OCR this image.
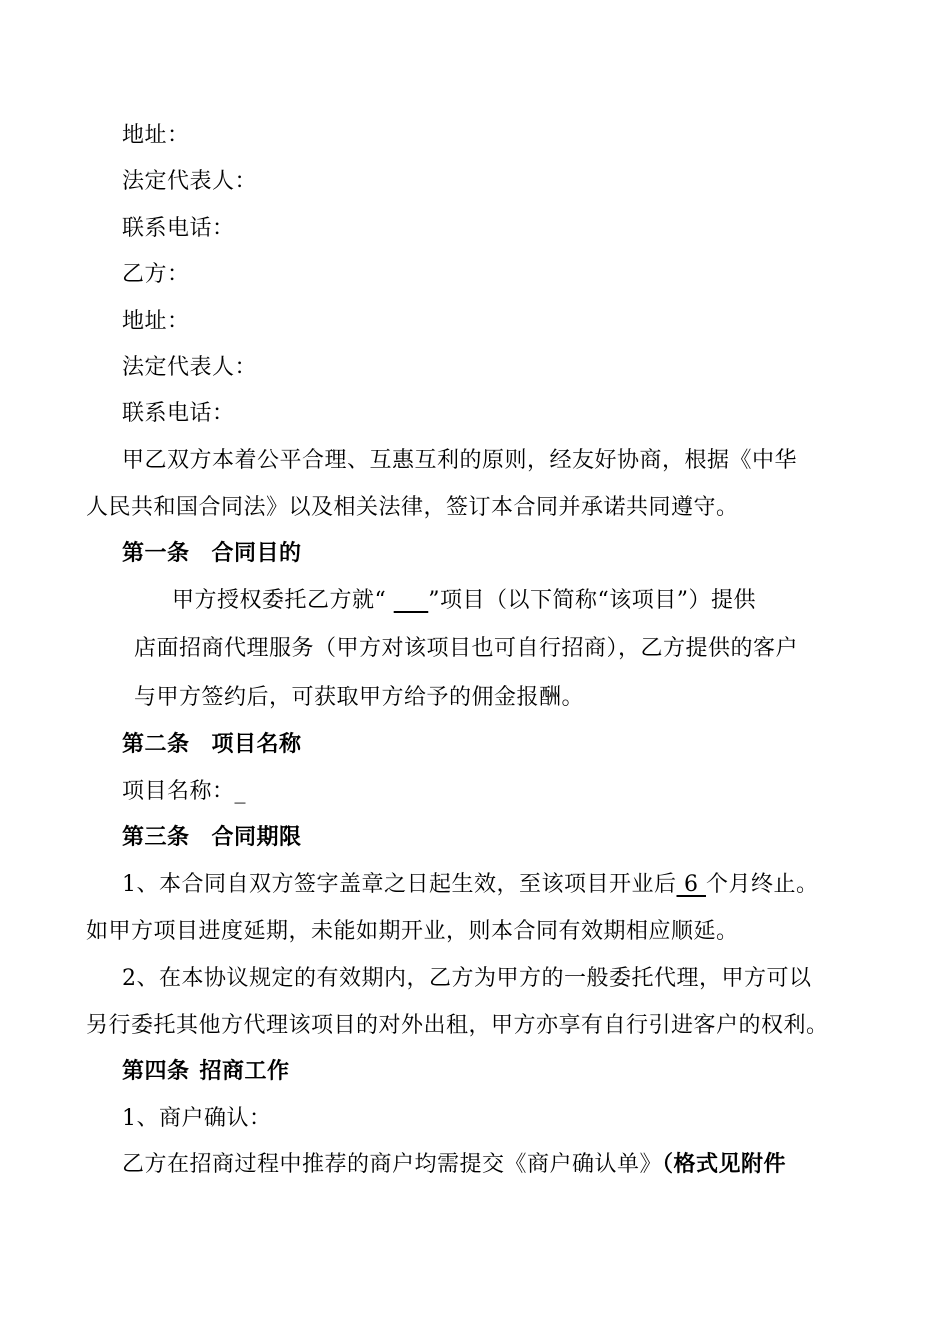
地址：
法定代表人：
联系电话：
乙方：
地址：
法定代表人：
联系电话：
甲乙双方本着公平合理、互惠互利的原则，经友好协商，根据《中华
人民共和国合同法》以及相关法律，签订本合同并承诺共同遵守。
第一条 合同目的
甲方授权委托乙方就“ ___”项目（以下简称“该项目”）提供
店面招商代理服务（甲方对该项目也可自行招商），乙方提供的客户
与甲方签约后，可获取甲方给予的佣金报酬。
第二条 项目名称
项目名称：_
第三条 合同期限
1、本合同自双方签字盖章之日起生效，至该项目开业后 6 个月终止。
如甲方项目进度延期，未能如期开业，则本合同有效期相应顺延。
2、在本协议规定的有效期内，乙方为甲方的一般委托代理，甲方可以
另行委托其他方代理该项目的对外出租，甲方亦享有自行引进客户的权利。
第四条 招商工作
1、商户确认：
乙方在招商过程中推荐的商户均需提交《商户确认单》（格式见附件
